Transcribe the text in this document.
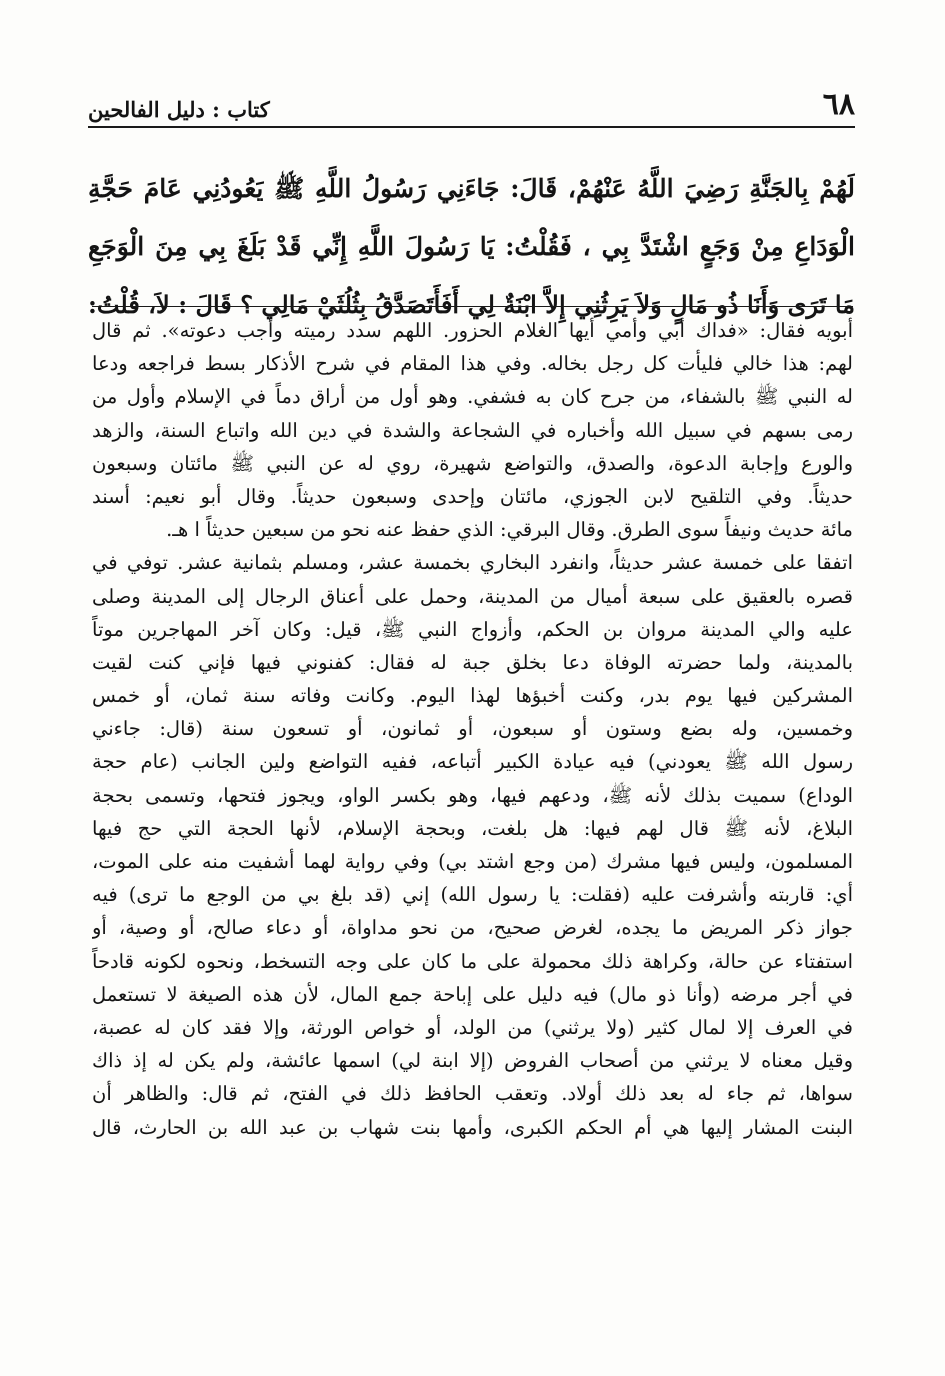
٦٨
كتاب : دليل الفالحين
لَهُمْ بِالجَنَّةِ رَضِيَ اللَّهُ عَنْهُمْ، قَالَ: جَاءَنِي رَسُولُ اللَّهِ ﷺ يَعُودُنِي عَامَ حَجَّةِ
الْوَدَاعِ مِنْ وَجَعٍ اشْتَدَّ بِي ، فَقُلْتُ: يَا رَسُولَ اللَّهِ إِنِّي قَدْ بَلَغَ بِي مِنَ الْوَجَعِ
مَا تَرَى وَأَنَا ذُو مَالٍ وَلاَ يَرِثُنِي إِلاَّ ابْنَةٌ لِي أَفَأَتَصَدَّقُ بِثُلُثَيْ مَالِي ؟ قَالَ : لاَ، قُلْتُ:
أبويه فقال: «فداك أبي وأمي أيها الغلام الحزور. اللهم سدد رميته وأجب دعوته». ثم قال
لهم: هذا خالي فليأت كل رجل بخاله. وفي هذا المقام في شرح الأذكار بسط فراجعه ودعا
له النبي ﷺ بالشفاء، من جرح كان به فشفي. وهو أول من أراق دماً في الإسلام وأول من
رمى بسهم في سبيل الله وأخباره في الشجاعة والشدة في دين الله واتباع السنة، والزهد
والورع وإجابة الدعوة، والصدق، والتواضع شهيرة، روي له عن النبي ﷺ مائتان وسبعون
حديثاً. وفي التلقيح لابن الجوزي، مائتان وإحدى وسبعون حديثاً. وقال أبو نعيم: أسند
مائة حديث ونيفاً سوى الطرق. وقال البرقي: الذي حفظ عنه نحو من سبعين حديثاً ا هـ.
اتفقا على خمسة عشر حديثاً، وانفرد البخاري بخمسة عشر، ومسلم بثمانية عشر. توفي في
قصره بالعقيق على سبعة أميال من المدينة، وحمل على أعناق الرجال إلى المدينة وصلى
عليه والي المدينة مروان بن الحكم، وأزواج النبي ﷺ، قيل: وكان آخر المهاجرين موتاً
بالمدينة، ولما حضرته الوفاة دعا بخلق جبة له فقال: كفنوني فيها فإني كنت لقيت
المشركين فيها يوم بدر، وكنت أخبؤها لهذا اليوم. وكانت وفاته سنة ثمان، أو خمس
وخمسين، وله بضع وستون أو سبعون، أو ثمانون، أو تسعون سنة (قال: جاءني
رسول الله ﷺ يعودني) فيه عيادة الكبير أتباعه، ففيه التواضع ولين الجانب (عام حجة
الوداع) سميت بذلك لأنه ﷺ، ودعهم فيها، وهو بكسر الواو، ويجوز فتحها، وتسمى بحجة
البلاغ، لأنه ﷺ قال لهم فيها: هل بلغت، وبحجة الإسلام، لأنها الحجة التي حج فيها
المسلمون، وليس فيها مشرك (من وجع اشتد بي) وفي رواية لهما أشفيت منه على الموت،
أي: قاربته وأشرفت عليه (فقلت: يا رسول الله) إني (قد بلغ بي من الوجع ما ترى) فيه
جواز ذكر المريض ما يجده، لغرض صحيح، من نحو مداواة، أو دعاء صالح، أو وصية، أو
استفتاء عن حالة، وكراهة ذلك محمولة على ما كان على وجه التسخط، ونحوه لكونه قادحاً
في أجر مرضه (وأنا ذو مال) فيه دليل على إباحة جمع المال، لأن هذه الصيغة لا تستعمل
في العرف إلا لمال كثير (ولا يرثني) من الولد، أو خواص الورثة، وإلا فقد كان له عصبة،
وقيل معناه لا يرثني من أصحاب الفروض (إلا ابنة لي) اسمها عائشة، ولم يكن له إذ ذاك
سواها، ثم جاء له بعد ذلك أولاد. وتعقب الحافظ ذلك في الفتح، ثم قال: والظاهر أن
البنت المشار إليها هي أم الحكم الكبرى، وأمها بنت شهاب بن عبد الله بن الحارث، قال
